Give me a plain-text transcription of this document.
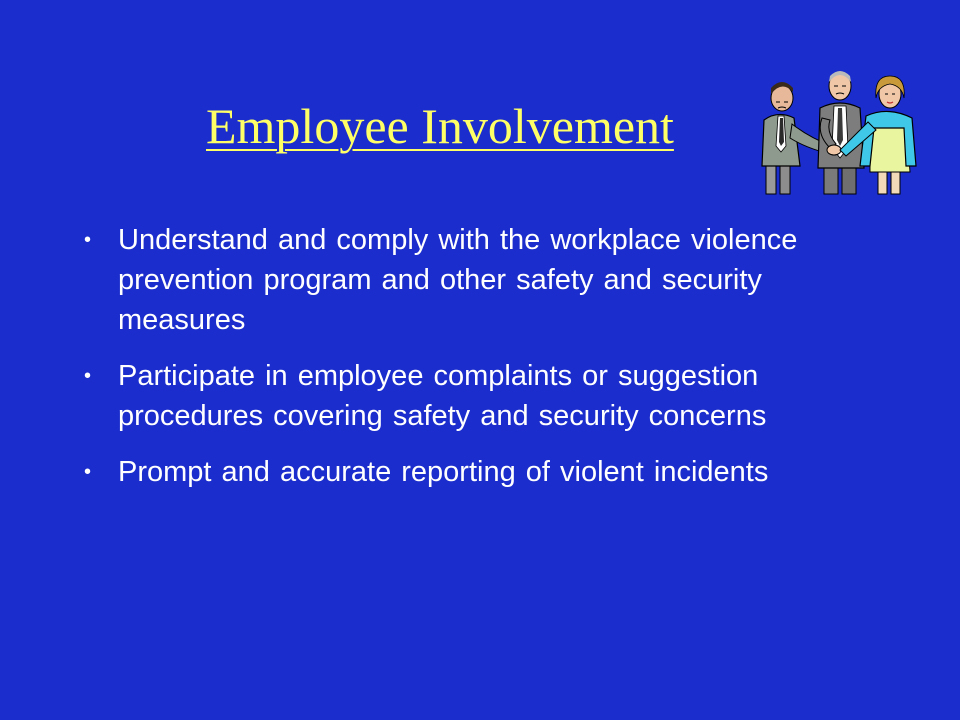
Employee Involvement
• Understand and comply with the workplace violence prevention program and other safety and security measures
• Participate in employee complaints or suggestion procedures covering safety and security concerns
• Prompt and accurate reporting of violent incidents
